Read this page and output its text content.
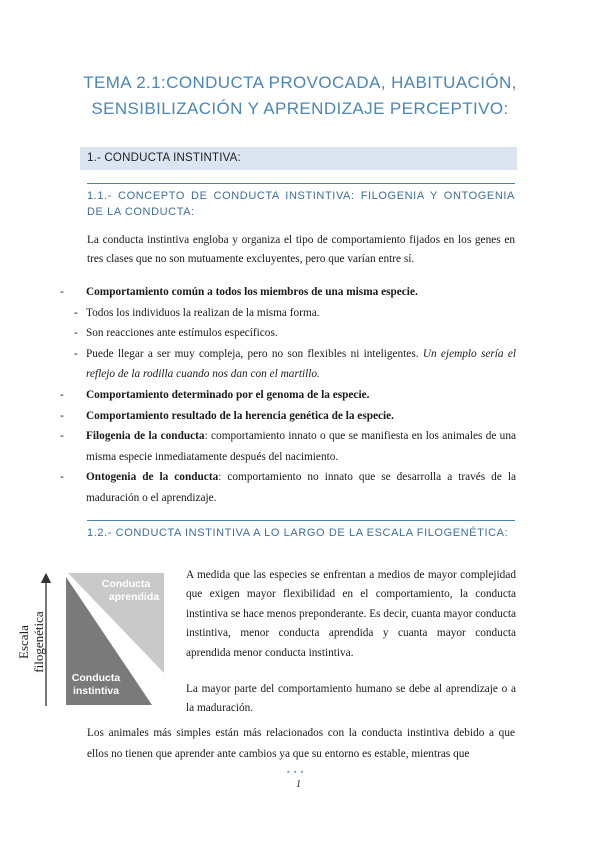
TEMA 2.1:CONDUCTA PROVOCADA, HABITUACIÓN,
SENSIBILIZACIÓN Y APRENDIZAJE PERCEPTIVO:
1.- CONDUCTA INSTINTIVA:
1.1.- CONCEPTO DE CONDUCTA INSTINTIVA: FILOGENIA Y ONTOGENIA DE LA CONDUCTA:
La conducta instintiva engloba y organiza el tipo de comportamiento fijados en los genes en tres clases que no son mutuamente excluyentes, pero que varían entre sí.
-	Comportamiento común a todos los miembros de una misma especie.
- Todos los individuos la realizan de la misma forma.
- Son reacciones ante estímulos específicos.
- Puede llegar a ser muy compleja, pero no son flexibles ni inteligentes. Un ejemplo sería el reflejo de la rodilla cuando nos dan con el martillo.
-	Comportamiento determinado por el genoma de la especie.
-	Comportamiento resultado de la herencia genética de la especie.
-	Filogenia de la conducta: comportamiento innato o que se manifiesta en los animales de una misma especie inmediatamente después del nacimiento.
-	Ontogenia de la conducta: comportamiento no innato que se desarrolla a través de la maduración o el aprendizaje.
1.2.- CONDUCTA INSTINTIVA A LO LARGO DE LA ESCALA FILOGENÉTICA:
Conducta
aprendida
Conducta
instintiva
Escala filogenética
A medida que las especies se enfrentan a medios de mayor complejidad que exigen mayor flexibilidad en el comportamiento, la conducta instintiva se hace menos preponderante. Es decir, cuanta mayor conducta instintiva, menor conducta aprendida y cuanta mayor conducta aprendida menor conducta instintiva.
La mayor parte del comportamiento humano se debe al aprendizaje o a la maduración.
Los animales más simples están más relacionados con la conducta instintiva debido a que ellos no tienen que aprender ante cambios ya que su entorno es estable, mientras que
•••
1
